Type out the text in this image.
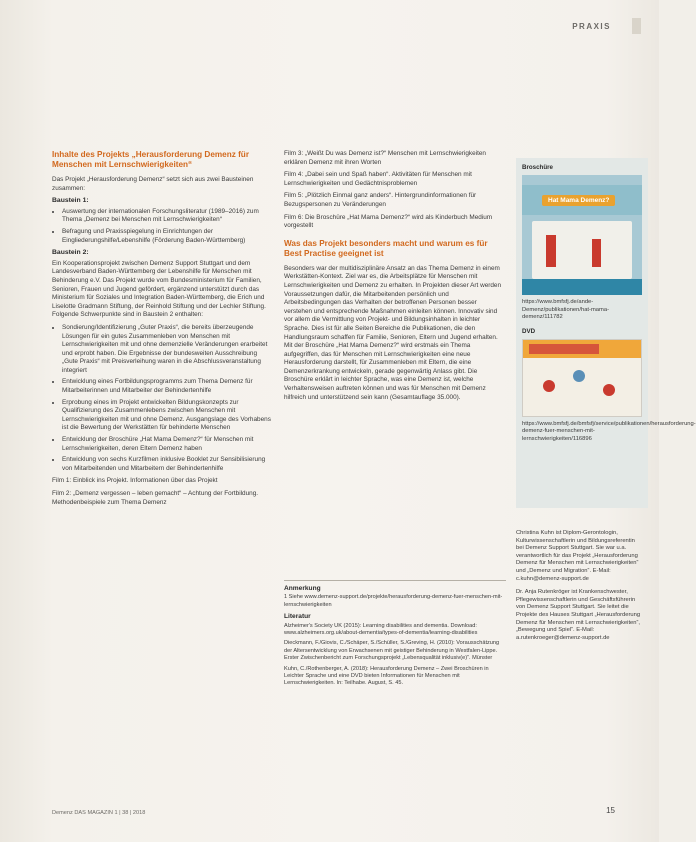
PRAXIS
Inhalte des Projekts „Herausforderung Demenz für Menschen mit Lernschwierigkeiten“

Das Projekt „Herausforderung Demenz“ setzt sich aus zwei Bausteinen zusammen:

Baustein 1:
• Auswertung der internationalen Forschungsliteratur (1989–2016) zum Thema „Demenz bei Menschen mit Lernschwierigkeiten“
• Befragung und Praxisspiegelung in Einrichtungen der Eingliederungshilfe/Lebenshilfe (Förderung Baden-Württemberg)
Baustein 2:

Ein Kooperationsprojekt zwischen Demenz Support Stuttgart und dem Landesverband Baden-Württemberg der Lebenshilfe für Menschen mit Behinderung e.V. Das Projekt wurde vom Bundesministerium für Familien, Senioren, Frauen und Jugend gefördert, ergänzend unterstützt durch das Ministerium für Soziales und Integration Baden-Württemberg, die Erich und Liselotte Gradmann Stiftung, der Reinhold Stiftung und der Lechler Stiftung. Folgende Schwerpunkte sind in Baustein 2 enthalten:

• Sondierung/Identifizierung „Guter Praxis“, die bereits überzeugende Lösungen für ein gutes Zusammenleben von Menschen mit Lernschwierigkeiten mit und ohne demenzielle Veränderungen erarbeitet und erprobt haben. Die Ergebnisse der bundesweiten Ausschreibung „Gute Praxis“ mit Preisverleihung waren in die Abschlussveranstaltung integriert
• Entwicklung eines Fortbildungsprogramms zum Thema Demenz für Mitarbeiterinnen und Mitarbeiter der Behindertenhilfe
• Erprobung eines im Projekt entwickelten Bildungskonzepts zur Qualifizierung des Zusammenlebens zwischen Menschen mit Lernschwierigkeiten mit und ohne Demenz. Ausgangslage des Vorhabens ist die Bewertung der Werkstätten für behinderte Menschen
• Entwicklung der Broschüre „Hat Mama Demenz?“ für Menschen mit Lernschwierigkeiten, deren Eltern Demenz haben
• Entwicklung von sechs Kurzfilmen inklusive Booklet zur Sensibilisierung von Mitarbeitenden und Mitarbeitern der Behindertenhilfe

Film 1: Einblick ins Projekt. Informationen über das Projekt

Film 2: „Demenz vergessen – leben gemacht“ – Achtung der Fortbildung. Methodenbeispiele zum Thema Demenz

Film 3: „Weißt Du was Demenz ist?“ Menschen mit Lernschwierigkeiten erklären Demenz mit ihren Worten

Film 4: „Dabei sein und Spaß haben“. Aktivitäten für Menschen mit Lernschwierigkeiten und Gedächtnisproblemen

Film 5: „Plötzlich Einmal ganz anders“. Hintergrundinformationen für Bezugspersonen zu Veränderungen

Film 6: Die Broschüre „Hat Mama Demenz?“ wird als Kinderbuch Medium vorgestellt

Was das Projekt besonders macht und warum es für Best Practise geeignet ist

Besonders war der multidisziplinäre Ansatz an das Thema Demenz in einem Werkstätten-Kontext. Ziel war es, die Arbeitsplätze für Menschen mit Lernschwierigkeiten und Demenz zu erhalten. In Projekten dieser Art werden Voraussetzungen dafür, die Mitarbeitenden persönlich und Arbeitsbedingungen das Verhalten der betroffenen Personen besser verstehen und entsprechende Maßnahmen einleiten können. Innovativ sind vor allem die Vermittlung von Projekt- und Bildungsinhalten in leichter Sprache. Dies ist für alle Seiten Bereiche die Publikationen, die den Handlungsraum schaffen für Familie, Senioren, Eltern und Jugend erhalten. Mit der Broschüre „Hat Mama Demenz?“ wird erstmals ein Thema aufgegriffen, das für Menschen mit Lernschwierigkeiten eine neue Herausforderung darstellt, für Zusammenleben mit Eltern, die eine Demenzerkrankung entwickeln, gerade gegenwärtig Anlass gibt. Die Broschüre erklärt in leichter Sprache, was eine Demenz ist, welche Verhaltensweisen auftreten können und was für Menschen mit Demenz hilfreich und unterstützend sein kann (Gesamtauflage 35.000).

Anmerkung
1 Siehe www.demenz-support.de/projekte/herausforderung-demenz-fuer-menschen-mit-lernschwierigkeiten
Literatur
Alzheimer's Society UK (2015): Learning disabilities and dementia. Download: www.alzheimers.org.uk/about-dementia/types-of-dementia/learning-disabilities
Dieckmann, F./Giovis, C./Schäper, S./Schüller, S./Greving, H. (2010): Vorausschätzung der Altersentwicklung von Erwachsenen mit geistiger Behinderung in Westfalen-Lippe. Erster Zwischenbericht zum Forschungsprojekt „Lebensqualität inklusiv(e)“. Münster
Kuhn, C./Rothenberger, A. (2018): Herausforderung Demenz – Zwei Broschüren in Leichter Sprache und eine DVD bieten Informationen für Menschen mit Lernschwierigkeiten. In: Teilhabe. August, S. 45.
Broschüre
Hat Mama Demenz?
https://www.bmfsfj.de/ande-Demenz/publikationen/hat-mama-demenz/111782
DVD
https://www.bmfsfj.de/bmfsfj/service/publikationen/herausforderung-demenz-fuer-menschen-mit-lernschwierigkeiten/116896

Christina Kuhn ist Diplom-Gerontologin, Kulturwissenschaftlerin und Bildungsreferentin bei Demenz Support Stuttgart. Sie war u.a. verantwortlich für das Projekt „Herausforderung Demenz für Menschen mit Lernschwierigkeiten“ und „Demenz und Migration“. E-Mail: c.kuhn@demenz-support.de

Dr. Anja Rutenkröger ist Krankenschwester, Pflegewissenschaftlerin und Geschäftsführerin von Demenz Support Stuttgart. Sie leitet die Projekte des Hauses Stuttgart „Herausforderung Demenz für Menschen mit Lernschwierigkeiten“, „Bewegung und Spiel“. E-Mail: a.rutenkroeger@demenz-support.de

Demenz DAS MAGAZIN 1 | 38 | 2018	15
